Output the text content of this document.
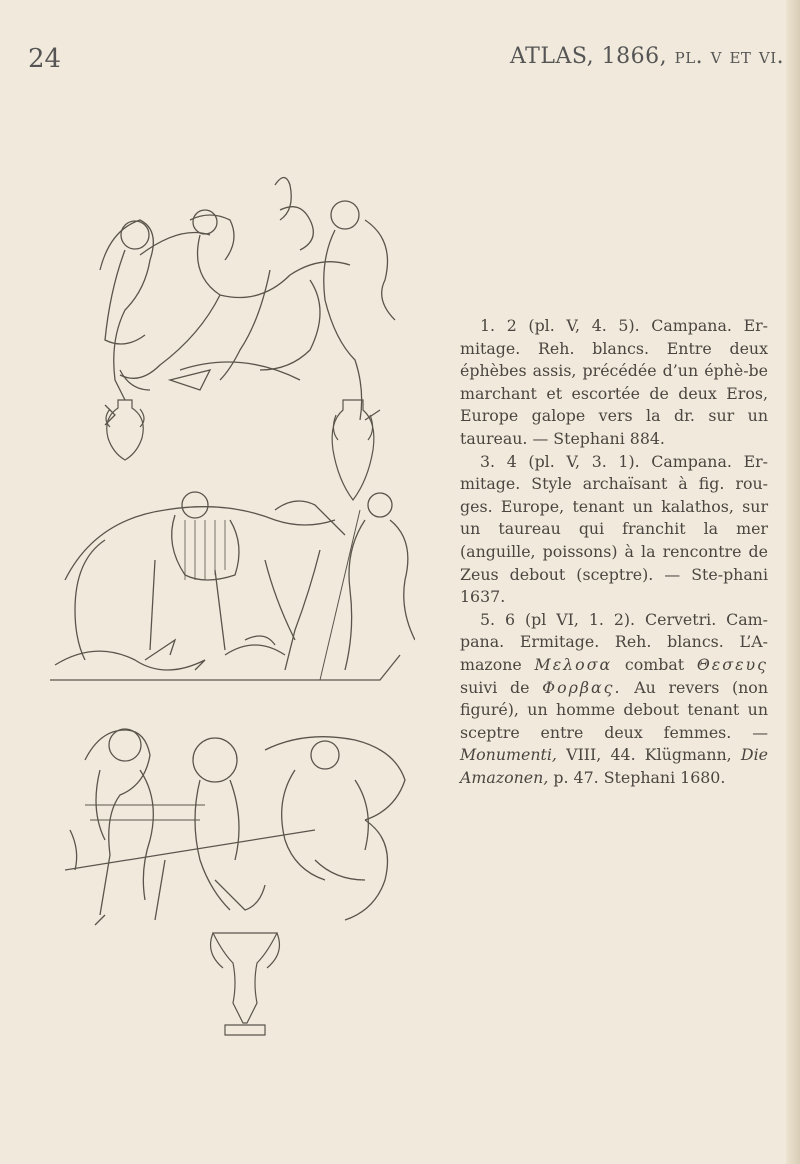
24	ATLAS, 1866, pl. v et vi.

1. 2 (pl. V, 4. 5). Campana. Er-mitage. Reh. blancs. Entre deux éphèbes assis, précédée d’un éphè-be marchant et escortée de deux Eros, Europe galope vers la dr. sur un taureau. — Stephani 884.

3. 4 (pl. V, 3. 1). Campana. Er-mitage. Style archaïsant à fig. rou-ges. Europe, tenant un kalathos, sur un taureau qui franchit la mer (anguille, poissons) à la rencontre de Zeus debout (sceptre). — Ste-phani 1637.

5. 6 (pl VI, 1. 2). Cervetri. Cam-pana. Ermitage. Reh. blancs. L’A-mazone Μελοσα combat Θεσευς suivi de Φορβας. Au revers (non figuré), un homme debout tenant un sceptre entre deux femmes. — Monumenti, VIII, 44. Klügmann, Die Amazonen, p. 47. Stephani 1680.
